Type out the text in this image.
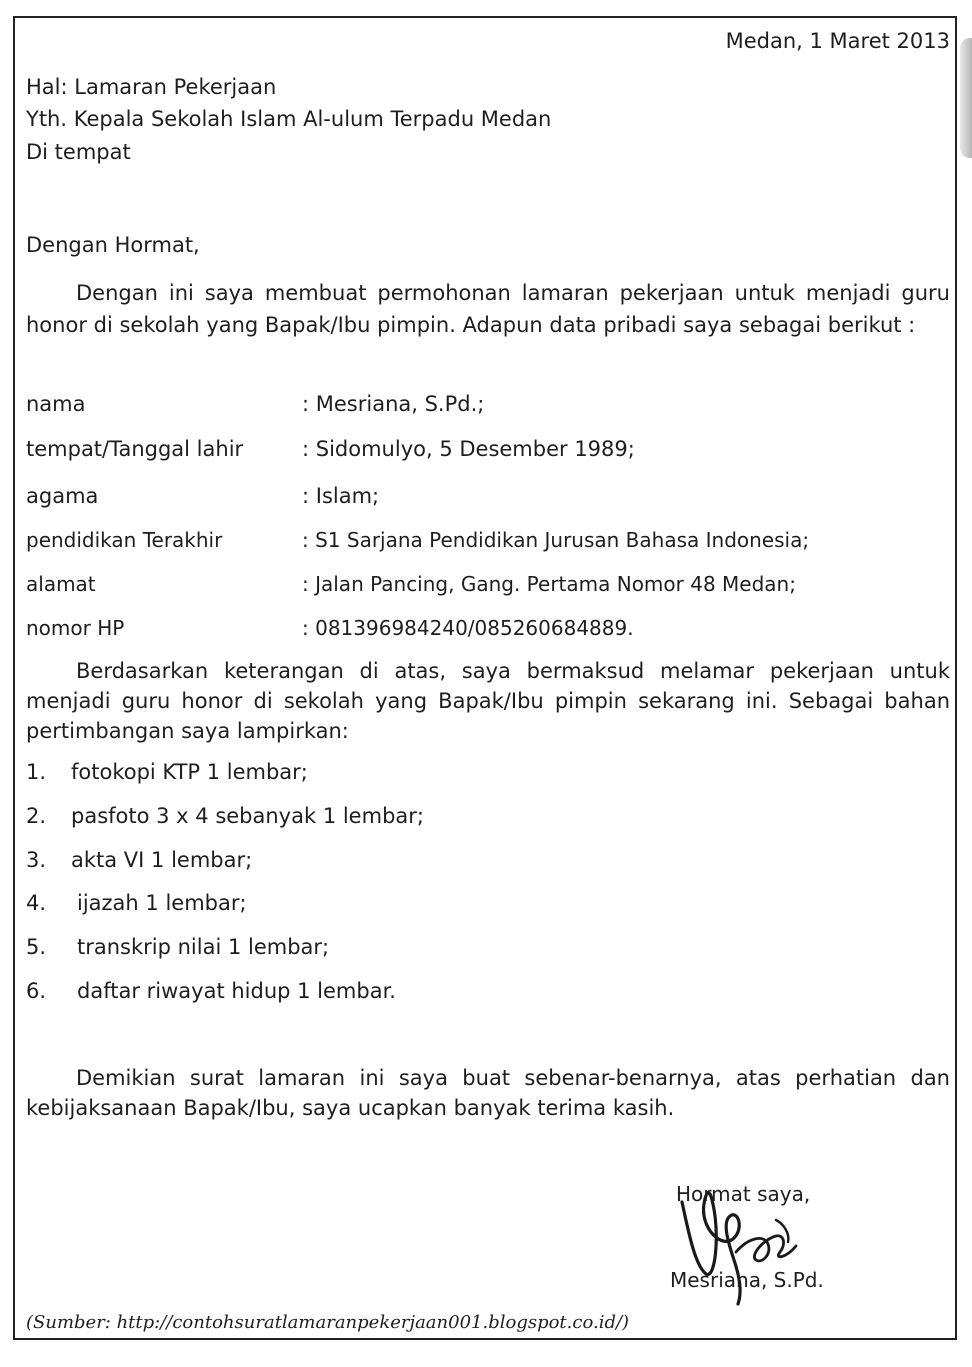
Medan, 1 Maret 2013
Hal: Lamaran Pekerjaan
Yth. Kepala Sekolah Islam Al-ulum Terpadu Medan
Di tempat
Dengan Hormat,

Dengan ini saya membuat permohonan lamaran pekerjaan untuk menjadi guru honor di sekolah yang Bapak/Ibu pimpin. Adapun data pribadi saya sebagai berikut :

nama	: Mesriana, S.Pd.;
tempat/Tanggal lahir	: Sidomulyo, 5 Desember 1989;
agama	: Islam;
pendidikan Terakhir	: S1 Sarjana Pendidikan Jurusan Bahasa Indonesia;
alamat	: Jalan Pancing, Gang. Pertama Nomor 48 Medan;
nomor HP	: 081396984240/085260684889.

Berdasarkan keterangan di atas, saya bermaksud melamar pekerjaan untuk menjadi guru honor di sekolah yang Bapak/Ibu pimpin sekarang ini. Sebagai bahan pertimbangan saya lampirkan:

1. fotokopi KTP 1 lembar;
2. pasfoto 3 x 4 sebanyak 1 lembar;
3. akta VI 1 lembar;
4. ijazah 1 lembar;
5. transkrip nilai 1 lembar;
6. daftar riwayat hidup 1 lembar.

Demikian surat lamaran ini saya buat sebenar-benarnya, atas perhatian dan kebijaksanaan Bapak/Ibu, saya ucapkan banyak terima kasih.

Hormat saya,
Mesriana, S.Pd.
(Sumber: http://contohsuratlamaranpekerjaan001.blogspot.co.id/)
